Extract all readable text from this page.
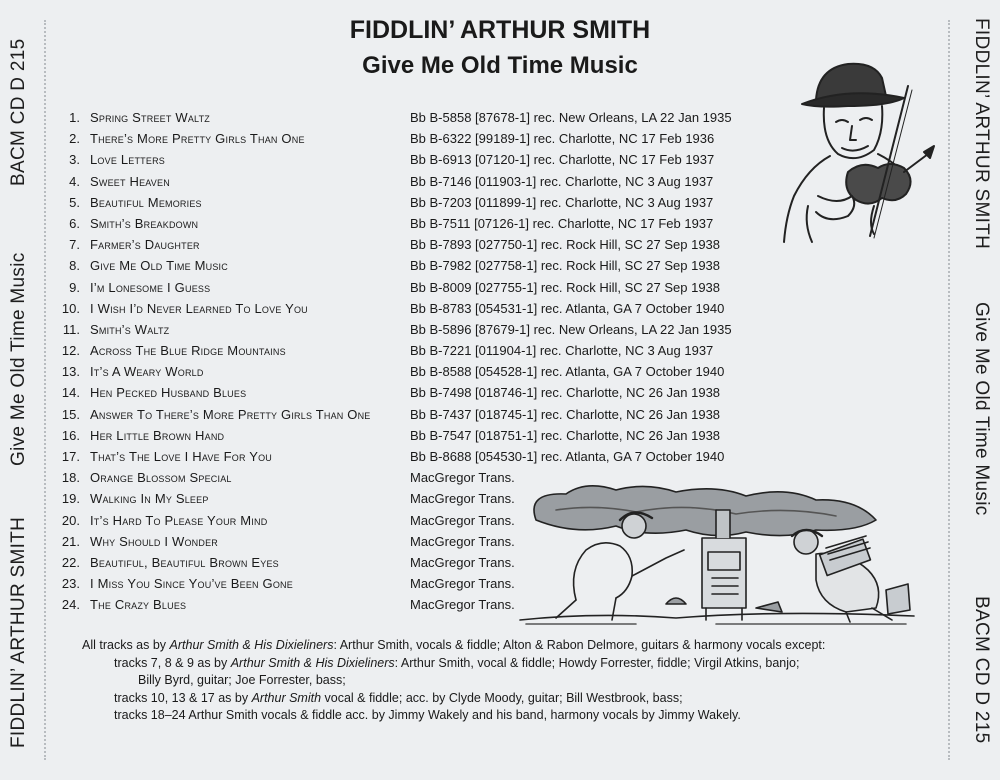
BACM CD D 215
Give Me Old Time Music
FIDDLIN’ ARTHUR SMITH
FIDDLIN’ ARTHUR SMITH
Give Me Old Time Music
BACM CD D 215
FIDDLIN’ ARTHUR SMITH
Give Me Old Time Music
1. Spring Street Waltz	Bb B-5858 [87678-1] rec. New Orleans, LA 22 Jan 1935
2. There’s More Pretty Girls Than One	Bb B-6322 [99189-1] rec. Charlotte, NC 17 Feb 1936
3. Love Letters	Bb B-6913 [07120-1] rec. Charlotte, NC 17 Feb 1937
4. Sweet Heaven	Bb B-7146 [011903-1] rec. Charlotte, NC 3 Aug 1937
5. Beautiful Memories	Bb B-7203 [011899-1] rec. Charlotte, NC 3 Aug 1937
6. Smith’s Breakdown	Bb B-7511 [07126-1] rec. Charlotte, NC 17 Feb 1937
7. Farmer’s Daughter	Bb B-7893 [027750-1] rec. Rock Hill, SC 27 Sep 1938
8. Give Me Old Time Music	Bb B-7982 [027758-1] rec. Rock Hill, SC 27 Sep 1938
9. I’m Lonesome I Guess	Bb B-8009 [027755-1] rec. Rock Hill, SC 27 Sep 1938
10. I Wish I’d Never Learned To Love You	Bb B-8783 [054531-1] rec. Atlanta, GA 7 October 1940
11. Smith’s Waltz	Bb B-5896 [87679-1] rec. New Orleans, LA 22 Jan 1935
12. Across The Blue Ridge Mountains	Bb B-7221 [011904-1] rec. Charlotte, NC 3 Aug 1937
13. It’s A Weary World	Bb B-8588 [054528-1] rec. Atlanta, GA 7 October 1940
14. Hen Pecked Husband Blues	Bb B-7498 [018746-1] rec. Charlotte, NC 26 Jan 1938
15. Answer To There’s More Pretty Girls Than One	Bb B-7437 [018745-1] rec. Charlotte, NC 26 Jan 1938
16. Her Little Brown Hand	Bb B-7547 [018751-1] rec. Charlotte, NC 26 Jan 1938
17. That’s The Love I Have For You	Bb B-8688 [054530-1] rec. Atlanta, GA 7 October 1940
18. Orange Blossom Special	MacGregor Trans.
19. Walking In My Sleep	MacGregor Trans.
20. It’s Hard To Please Your Mind	MacGregor Trans.
21. Why Should I Wonder	MacGregor Trans.
22. Beautiful, Beautiful Brown Eyes	MacGregor Trans.
23. I Miss You Since You’ve Been Gone	MacGregor Trans.
24. The Crazy Blues	MacGregor Trans.
All tracks as by Arthur Smith & His Dixieliners: Arthur Smith, vocals & fiddle; Alton & Rabon Delmore, guitars & harmony vocals except:
tracks 7, 8 & 9 as by Arthur Smith & His Dixieliners: Arthur Smith, vocal & fiddle; Howdy Forrester, fiddle; Virgil Atkins, banjo;
Billy Byrd, guitar; Joe Forrester, bass;
tracks 10, 13 & 17 as by Arthur Smith vocal & fiddle; acc. by Clyde Moody, guitar; Bill Westbrook, bass;
tracks 18–24 Arthur Smith vocals & fiddle acc. by Jimmy Wakely and his band, harmony vocals by Jimmy Wakely.
